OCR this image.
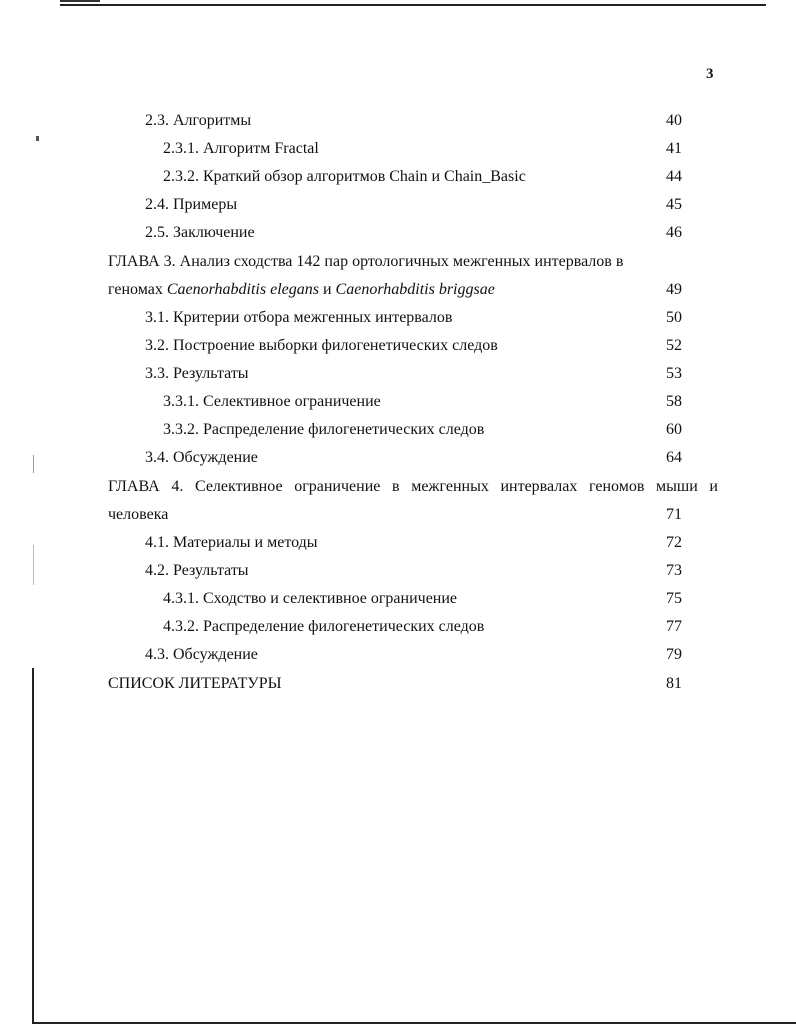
3
2.3. Алгоритмы	40
2.3.1. Алгоритм Fractal	41
2.3.2. Краткий обзор алгоритмов Chain и Chain_Basic	44
2.4. Примеры	45
2.5. Заключение	46
ГЛАВА 3. Анализ сходства 142 пар ортологичных межгенных интервалов в
геномах Caenorhabditis elegans и Caenorhabditis briggsae	49
3.1. Критерии отбора межгенных интервалов	50
3.2. Построение выборки филогенетических следов	52
3.3. Результаты	53
3.3.1. Селективное ограничение	58
3.3.2. Распределение филогенетических следов	60
3.4. Обсуждение	64
ГЛАВА 4. Селективное ограничение в межгенных интервалах геномов мыши и
человека	71
4.1. Материалы и методы	72
4.2. Результаты	73
4.3.1. Сходство и селективное ограничение	75
4.3.2. Распределение филогенетических следов	77
4.3. Обсуждение	79
СПИСОК ЛИТЕРАТУРЫ	81
